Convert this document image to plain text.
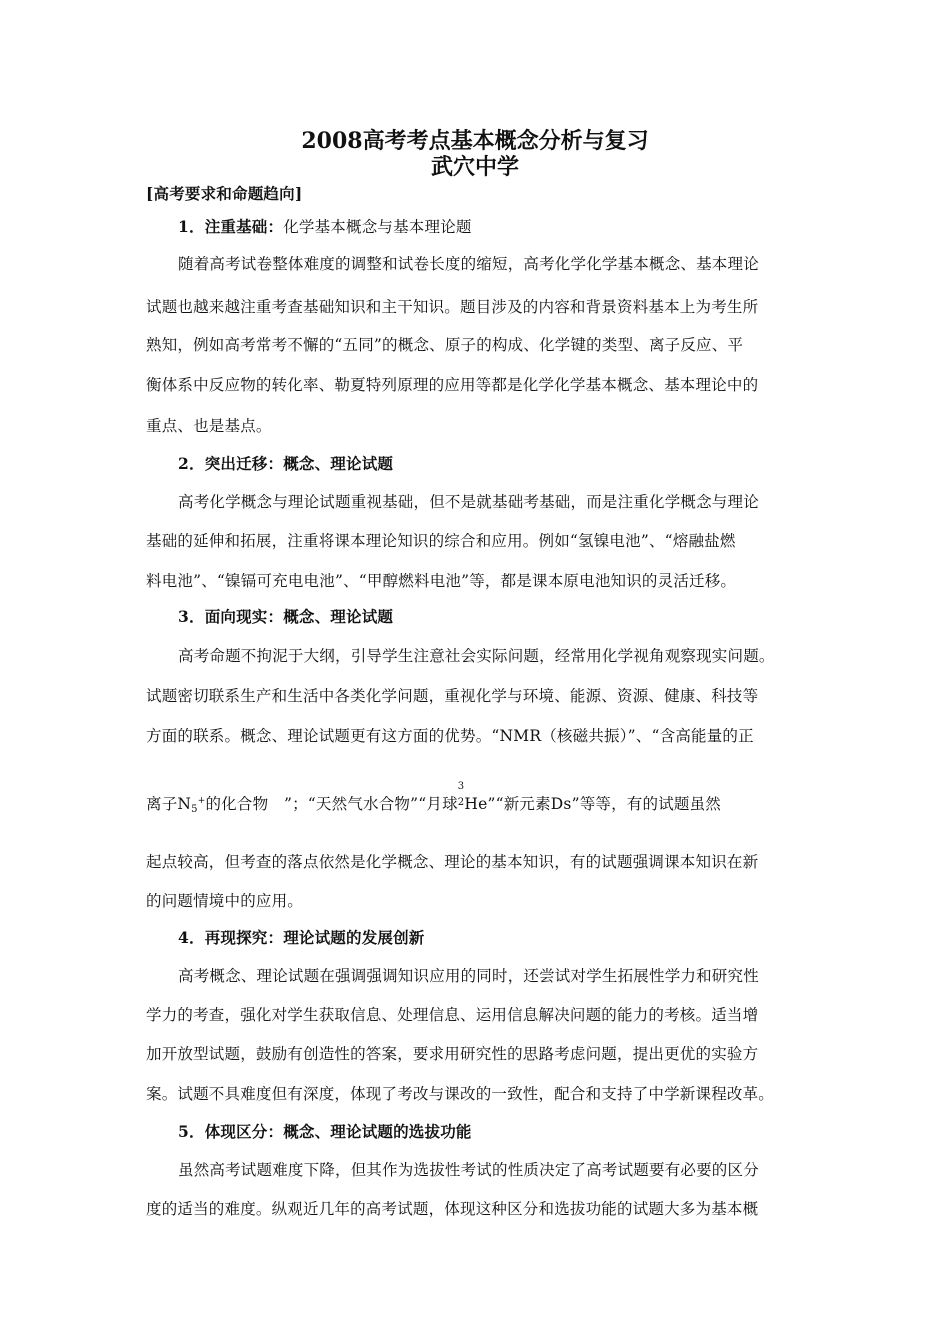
2008高考考点基本概念分析与复习
武穴中学
[高考要求和命题趋向]
1．注重基础：化学基本概念与基本理论题
随着高考试卷整体难度的调整和试卷长度的缩短，高考化学化学基本概念、基本理论
试题也越来越注重考查基础知识和主干知识。题目涉及的内容和背景资料基本上为考生所
熟知，例如高考常考不懈的“五同”的概念、原子的构成、化学键的类型、离子反应、平
衡体系中反应物的转化率、勒夏特列原理的应用等都是化学化学基本概念、基本理论中的
重点、也是基点。
2．突出迁移：概念、理论试题
高考化学概念与理论试题重视基础，但不是就基础考基础，而是注重化学概念与理论
基础的延伸和拓展，注重将课本理论知识的综合和应用。例如“氢镍电池”、“熔融盐燃
料电池”、“镍镉可充电电池”、“甲醇燃料电池”等，都是课本原电池知识的灵活迁移。
3．面向现实：概念、理论试题
高考命题不拘泥于大纲，引导学生注意社会实际问题，经常用化学视角观察现实问题。
试题密切联系生产和生活中各类化学问题，重视化学与环境、能源、资源、健康、科技等
方面的联系。概念、理论试题更有这方面的优势。“NMR（核磁共振）”、“含高能量的正
离子$N_5^+$的化合物　”；“天然气水合物”“月球
3
$^2$He”“新元素Ds”等等，有的试题虽然
起点较高，但考查的落点依然是化学概念、理论的基本知识，有的试题强调课本知识在新
的问题情境中的应用。
4．再现探究：理论试题的发展创新
高考概念、理论试题在强调强调知识应用的同时，还尝试对学生拓展性学力和研究性
学力的考查，强化对学生获取信息、处理信息、运用信息解决问题的能力的考核。适当增
加开放型试题，鼓励有创造性的答案，要求用研究性的思路考虑问题，提出更优的实验方
案。试题不具难度但有深度，体现了考改与课改的一致性，配合和支持了中学新课程改革。
5．体现区分：概念、理论试题的选拔功能
虽然高考试题难度下降，但其作为选拔性考试的性质决定了高考试题要有必要的区分
度的适当的难度。纵观近几年的高考试题，体现这种区分和选拔功能的试题大多为基本概
